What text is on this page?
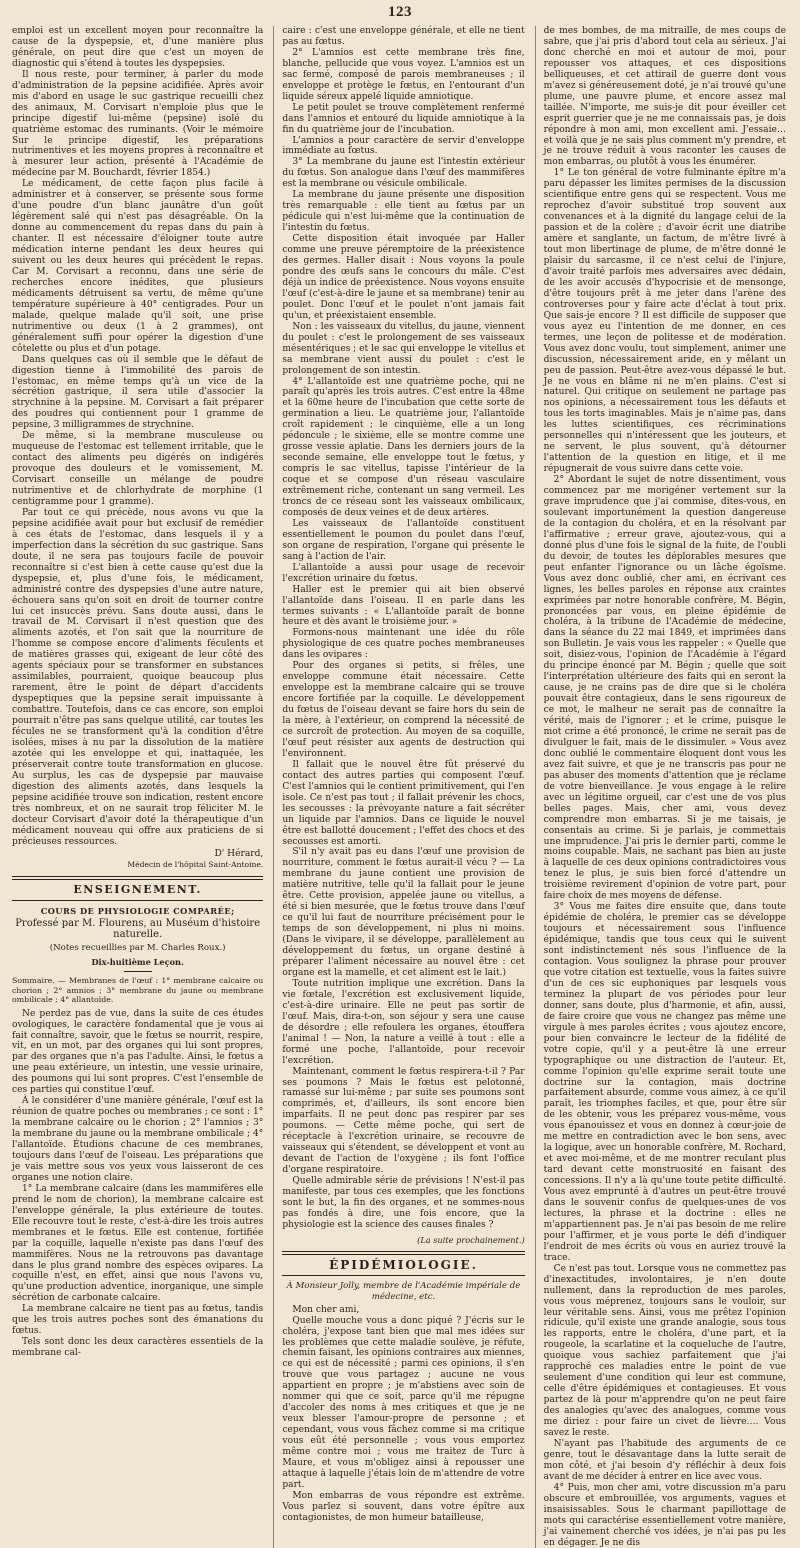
123

emploi est un excellent moyen pour reconnaître la cause de la dyspepsie, et, d'une manière plus générale, on peut dire que c'est un moyen de diagnostic qui s'étend à toutes les dyspepsies.

Il nous reste, pour terminer, à parler du mode d'administration de la pepsine acidifiée. Après avoir mis d'abord en usage le suc gastrique recueilli chez des animaux, M. Corvisart n'emploie plus que le principe digestif lui-même (pepsine) isolé du quatrième estomac des ruminants. (Voir le mémoire Sur le principe digestif, les préparations nutrimentives et les moyens propres à reconnaître et à mesurer leur action, présenté à l'Académie de médecine par M. Bouchardt, février 1854.)

Le médicament, de cette façon plus facile à administrer et à conserver, se présente sous forme d'une poudre d'un blanc jaunâtre d'un goût légèrement salé qui n'est pas désagréable. On la donne au commencement du repas dans du pain à chanter. Il est nécessaire d'éloigner toute autre médication interne pendant les deux heures qui suivent ou les deux heures qui précèdent le repas. Car M. Corvisart a reconnu, dans une série de recherches encore inédites, que plusieurs médicaments détruisent sa vertu, de même qu'une température supérieure à 40° centigrades. Pour un malade, quelque malade qu'il soit, une prise nutrimentive ou deux (1 à 2 grammes), ont généralement suffi pour opérer la digestion d'une côtelette ou plus et d'un potage.

Dans quelques cas où il semble que le défaut de digestion tienne à l'immobilité des parois de l'estomac, en même temps qu'à un vice de la sécrétion gastrique, il sera utile d'associer la strychnine à la pepsine. M. Corvisart a fait préparer des poudres qui contiennent pour 1 gramme de pepsine, 3 milligrammes de strychnine.

De même, si la membrane musculeuse ou muqueuse de l'estomac est tellement irritable, que le contact des aliments peu digérés on indigérés provoque des douleurs et le vomissement, M. Corvisart conseille un mélange de poudre nutrimentive et de chlorhydrate de morphine (1 centigramme pour 1 gramme).

Par tout ce qui précède, nous avons vu que la pepsine acidifiée avait pour but exclusif de remédier à ces états de l'estomac, dans lesquels il y a imperfection dans la sécrétion du suc gastrique. Sans doute, il ne sera pas toujours facile de pouvoir reconnaître si c'est bien à cette cause qu'est due la dyspepsie, et, plus d'une fois, le médicament, administré contre des dyspepsies d'une autre nature, échouera sans qu'on soit en droit de tourner contre lui cet insuccès prévu. Sans doute aussi, dans le travail de M. Corvisart il n'est question que des aliments azotés, et l'on sait que la nourriture de l'homme se compose encore d'aliments féculents et de matières grasses qui, exigeant de leur côté des agents spéciaux pour se transformer en substances assimilables, pourraient, quoique beaucoup plus rarement, être le point de départ d'accidents dyspeptiques que la pepsine serait impuissante à combattre. Toutefois, dans ce cas encore, son emploi pourrait n'être pas sans quelque utilité, car toutes les fécules ne se transforment qu'à la condition d'être isolées, mises à nu par la dissolution de la matière azotée qui les enveloppe et qui, inattaquée, les préserverait contre toute transformation en glucose. Au surplus, les cas de dyspepsie par mauvaise digestion des aliments azotés, dans lesquels la pepsine acidifiée trouve son indication, restent encore très nombreux, et on ne saurait trop féliciter M. le docteur Corvisart d'avoir doté la thérapeutique d'un médicament nouveau qui offre aux praticiens de si précieuses ressources.

D' Hérard,
Médecin de l'hôpital Saint-Antoine.
ENSEIGNEMENT.
COURS DE PHYSIOLOGIE COMPARÉE;
Professé par M. Flourens, au Muséum d'histoire naturelle.
(Notes recueillies par M. Charles Roux.)
Dix-huitième Leçon.
Sommaire. — Membranes de l'œuf : 1° membrane calcaire ou chorion ; 2° amnios ; 3° membrane du jaune ou membrane ombilicale ; 4° allantoïde.

Ne perdez pas de vue, dans la suite de ces études ovologiques, le caractère fondamental que je vous ai fait connaître, savoir, que le fœtus se nourrit, respire, vit, en un mot, par des organes qui lui sont propres, par des organes que n'a pas l'adulte. Ainsi, le fœtus a une peau extérieure, un intestin, une vessie urinaire, des poumons qui lui sont propres. C'est l'ensemble de ces parties qui constitue l'œuf.

À le considérer d'une manière générale, l'œuf est la réunion de quatre poches ou membranes ; ce sont : 1° la membrane calcaire ou le chorion ; 2° l'amnios ; 3° la membrane du jaune ou la membrane ombilicale ; 4° l'allantoïde. Étudions chacune de ces membranes, toujours dans l'œuf de l'oiseau. Les préparations que je vais mettre sous vos yeux vous laisseront de ces organes une notion claire.

1° La membrane calcaire (dans les mammifères elle prend le nom de chorion), la membrane calcaire est l'enveloppe générale, la plus extérieure de toutes. Elle recouvre tout le reste, c'est-à-dire les trois autres membranes et le fœtus. Elle est contenue, fortifiée par la coquille, laquelle n'existe pas dans l'œuf des mammifères. Nous ne la retrouvons pas davantage dans le plus grand nombre des espèces ovipares. La coquille n'est, en effet, ainsi que nous l'avons vu, qu'une production adventice, inorganique, une simple sécrétion de carbonate calcaire.

La membrane calcaire ne tient pas au fœtus, tandis que les trois autres poches sont des émanations du fœtus.

Tels sont donc les deux caractères essentiels de la membrane cal-

caire : c'est une enveloppe générale, et elle ne tient pas au fœtus.

2° L'amnios est cette membrane très fine, blanche, pellucide que vous voyez. L'amnios est un sac fermé, composé de parois membraneuses ; il enveloppe et protège le fœtus, en l'entourant d'un liquide séreux appelé liquide amniotique.

Le petit poulet se trouve complètement renfermé dans l'amnios et entouré du liquide amniotique à la fin du quatrième jour de l'incubation.

L'amnios a pour caractère de servir d'enveloppe immédiate au fœtus.

3° La membrane du jaune est l'intestin extérieur du fœtus. Son analogue dans l'œuf des mammifères est la membrane ou vésicule ombilicale.

La membrane du jaune présente une disposition très remarquable : elle tient au fœtus par un pédicule qui n'est lui-même que la continuation de l'intestin du fœtus.

Cette disposition était invoquée par Haller comme une preuve péremptoire de la préexistence des germes. Haller disait : Nous voyons la poule pondre des œufs sans le concours du mâle. C'est déjà un indice de préexistence. Nous voyons ensuite l'œuf (c'est-à-dire le jaune et sa membrane) tenir au poulet. Donc l'œuf et le poulet n'ont jamais fait qu'un, et préexistaient ensemble.

Non : les vaisseaux du vitellus, du jaune, viennent du poulet : c'est le prolongement de ses vaisseaux mésentériques ; et le sac qui enveloppe le vitellus et sa membrane vient aussi du poulet : c'est le prolongement de son intestin.

4° L'allantoïde est une quatrième poche, qui ne paraît qu'après les trois autres. C'est entre la 48me et la 60me heure de l'incubation que cette sorte de germination a lieu. Le quatrième jour, l'allantoïde croît rapidement ; le cinquième, elle a un long pédoncule ; le sixième, elle se montre comme une grosse vessie aplatie. Dans les derniers jours de la seconde semaine, elle enveloppe tout le fœtus, y compris le sac vitellus, tapisse l'intérieur de la coque et se compose d'un réseau vasculaire extrêmement riche, contenant un sang vermeil. Les troncs de ce réseau sont les vaisseaux ombilicaux, composés de deux veines et de deux artères.

Les vaisseaux de l'allantoïde constituent essentiellement le poumon du poulet dans l'œuf, son organe de respiration, l'organe qui présente le sang à l'action de l'air.

L'allantoïde a aussi pour usage de recevoir l'excrétion urinaire du fœtus.

Haller est le premier qui ait bien observé l'allantoïde dans l'oiseau. Il en parle dans les termes suivants : « L'allantoïde paraît de bonne heure et dès avant le troisième jour. »

Formons-nous maintenant une idée du rôle physiologique de ces quatre poches membraneuses dans les ovipares :

Pour des organes si petits, si frêles, une enveloppe commune était nécessaire. Cette enveloppe est la membrane calcaire qui se trouve encore fortifiée par la coquille. Le développement du fœtus de l'oiseau devant se faire hors du sein de la mère, à l'extérieur, on comprend la nécessité de ce surcroît de protection. Au moyen de sa coquille, l'œuf peut résister aux agents de destruction qui l'environnent.

Il fallait que le nouvel être fût préservé du contact des autres parties qui composent l'œuf. C'est l'amnios qui le contient primitivement, qui l'en isole. Ce n'est pas tout ; il fallait prévenir les chocs, les secousses : la prévoyante nature a fait sécréter un liquide par l'amnios. Dans ce liquide le nouvel être est ballotté doucement ; l'effet des chocs et des secousses est amorti.

S'il n'y avait pas eu dans l'œuf une provision de nourriture, comment le fœtus aurait-il vécu ? — La membrane du jaune contient une provision de matière nutritive, telle qu'il la fallait pour le jeune être. Cette provision, appelée jaune ou vitellus, a été si bien mesurée, que le fœtus trouve dans l'œuf ce qu'il lui faut de nourriture précisément pour le temps de son développement, ni plus ni moins. (Dans le vivipare, il se développe, parallèlement au développement du fœtus, un organe destiné à préparer l'aliment nécessaire au nouvel être : cet organe est la mamelle, et cet aliment est le lait.)

Toute nutrition implique une excrétion. Dans la vie fœtale, l'excrétion est exclusivement liquide, c'est-à-dire urinaire. Elle ne peut pas sortir de l'œuf. Mais, dira-t-on, son séjour y sera une cause de désordre ; elle refoulera les organes, étouffera l'animal ! — Non, la nature a veillé à tout : elle a formé une poche, l'allantoïde, pour recevoir l'excrétion.

Maintenant, comment le fœtus respirera-t-il ? Par ses poumons ? Mais le fœtus est pelotonné, ramassé sur lui-même ; par suite ses poumons sont comprimés, et, d'ailleurs, ils sont encore bien imparfaits. Il ne peut donc pas respirer par ses poumons. — Cette même poche, qui sert de réceptacle à l'excrétion urinaire, se recouvre de vaisseaux qui s'étendent, se développent et vont au devant de l'action de l'oxygène ; ils font l'office d'organe respiratoire.

Quelle admirable série de prévisions ! N'est-il pas manifeste, par tous ces exemples, que les fonctions sont le but, la fin des organes, et ne sommes-nous pas fondés à dire, une fois encore, que la physiologie est la science des causes finales ?

(La suite prochainement.)
ÉPIDÉMIOLOGIE.
À Monsieur Jolly, membre de l'Académie impériale de médecine, etc.

Mon cher ami,

Quelle mouche vous a donc piqué ? J'écris sur le choléra, j'expose tant bien que mal mes idées sur les problèmes que cette maladie soulève, je réfute, chemin faisant, les opinions contraires aux miennes, ce qui est de nécessité ; parmi ces opinions, il s'en trouve que vous partagez ; aucune ne vous appartient en propre ; je m'abstiens avec soin de nommer qui que ce soit, parce qu'il me répugne d'accoler des noms à mes critiques et que je ne veux blesser l'amour-propre de personne ; et cependant, vous vous fâchez comme si ma critique vous eût été personnelle ; vous vous emportez même contre moi ; vous me traitez de Turc à Maure, et vous m'obligez ainsi à repousser une attaque à laquelle j'étais loin de m'attendre de votre part.

Mon embarras de vous répondre est extrême. Vous parlez si souvent, dans votre épître aux contagionistes, de mon humeur batailleuse,

de mes bombes, de ma mitraille, de mes coups de sabre, que j'ai pris d'abord tout cela au sérieux. J'ai donc cherché en moi et autour de moi, pour repousser vos attaques, et ces dispositions belliqueuses, et cet attirail de guerre dont vous m'avez si généreusement doté, je n'ai trouvé qu'une plume, une pauvre plume, et encore assez mal taillée. N'importe, me suis-je dit pour éveiller cet esprit guerrier que je ne me connaissais pas, je dois répondre à mon ami, mon excellent ami. J'essaie… et voilà que je ne sais plus comment m'y prendre, et je ne trouve réduit à vous raconter les causes de mon embarras, ou plutôt à vous les énumérer.

1° Le ton général de votre fulminante épître m'a paru dépasser les limites permises de la discussion scientifique entre gens qui se respectent. Vous me reprochez d'avoir substitué trop souvent aux convenances et à la dignité du langage celui de la passion et de la colère ; d'avoir écrit une diatribe amère et sanglante, un factum, de m'être livré à tout mon libertinage de plume, de m'être donné le plaisir du sarcasme, il ce n'est celui de l'injure, d'avoir traité parfois mes adversaires avec dédain, de les avoir accusés d'hypocrisie et de mensonge, d'être toujours prêt à me jeter dans l'arène des controverses pour y faire acte d'éclat à tout prix. Que sais-je encore ? Il est difficile de supposer que vous ayez eu l'intention de me donner, en ces termes, une leçon de politesse et de modération. Vous avez donc voulu, tout simplement, animer une discussion, nécessairement aride, en y mêlant un peu de passion. Peut-être avez-vous dépassé le but. Je ne vous en blâme ni ne m'en plains. C'est si naturel. Qui critique on seulement ne partage pas nos opinions, a nécessairement tous les défauts et tous les torts imaginables. Mais je n'aime pas, dans les luttes scientifiques, ces récriminations personnelles qui n'intéressent que les jouteurs, et ne servent, le plus souvent, qu'à détourner l'attention de la question en litige, et il me répugnerait de vous suivre dans cette voie.

2° Abordant le sujet de notre dissentiment, vous commencez par me morigéner vertement sur la grave imprudence que j'ai commise, dites-vous, en soulevant importunément la question dangereuse de la contagion du choléra, et en la résolvant par l'affirmative ; erreur grave, ajoutez-vous, qui a donné plus d'une fois le signal de la fuite, de l'oubli du devoir, de toutes les déplorables mesures que peut enfanter l'ignorance ou un lâche égoïsme. Vous avez donc oublié, cher ami, en écrivant ces lignes, les belles paroles en réponse aux craintes exprimées par notre honorable confrère, M. Bégin, prononcées par vous, en pleine épidémie de choléra, à la tribune de l'Académie de médecine, dans la séance du 22 mai 1849, et imprimées dans son Bulletin. Je vais vous les rappeler : « Quelle que soit, disiez-vous, l'opinion de l'Académie à l'égard du principe énoncé par M. Bégin ; quelle que soit l'interprétation ultérieure des faits qui en seront la cause, je ne crains pas de dire que si le choléra pouvait être contagieux, dans le sens rigoureux de ce mot, le malheur ne serait pas de connaître la vérité, mais de l'ignorer ; et le crime, puisque le mot crime a été prononcé, le crime ne serait pas de divulguer le fait, mais de le dissimuler. » Vous avez donc oublié le commentaire éloquent dont vous les avez fait suivre, et que je ne transcris pas pour ne pas abuser des moments d'attention que je réclame de votre bienveillance. Je vous engage à le relire avec un légitime orgueil, car c'est une de vos plus belles pages. Mais, cher ami, vous devez comprendre mon embarras. Si je me taisais, je consentais au crime. Si je parlais, je commettais une imprudence. J'ai pris le dernier parti, comme le moins coupable. Mais, ne sachant pas bien au juste à laquelle de ces deux opinions contradictoires vous tenez le plus, je suis bien forcé d'attendre un troisième revirement d'opinion de votre part, pour faire choix de mes moyens de défense.

3° Vous me faites dire ensuite que, dans toute épidémie de choléra, le premier cas se développe toujours et nécessairement sous l'influence épidémique, tandis que tous ceux qui le suivent sont indistinctement nés sous l'influence de la contagion. Vous soulignez la phrase pour prouver que votre citation est textuelle, vous la faites suivre d'un de ces sic euphoniques par lesquels vous terminez la plupart de vos périodes pour leur donner, sans doute, plus d'harmonie, et afin, aussi, de faire croire que vous ne changez pas même une virgule à mes paroles écrites ; vous ajoutez encore, pour bien convaincre le lecteur de la fidélité de votre copie, qu'il y a peut-être là une erreur typographique ou une distraction de l'auteur. Et, comme l'opinion qu'elle exprime serait toute une doctrine sur la contagion, mais doctrine parfaitement absurde, comme vous aimez, à ce qu'il paraît, les triomphes faciles, et que, pour être sûr de les obtenir, vous les préparez vous-même, vous vous épanouissez et vous en donnez à cœur-joie de me mettre en contradiction avec le bon sens, avec la logique, avec un honorable confrère, M. Rochard, et avec moi-même, et de me montrer reculant plus tard devant cette monstruosité en faisant des concessions. Il n'y a là qu'une toute petite difficulté. Vous avez emprunté à d'autres un peut-être trouvé dans le souvenir confus de quelques-unes de vos lectures, la phrase et la doctrine : elles ne m'appartiennent pas. Je n'ai pas besoin de me relire pour l'affirmer, et je vous porte le défi d'indiquer l'endroit de mes écrits où vous en auriez trouvé la trace.

Ce n'est pas tout. Lorsque vous ne commettez pas d'inexactitudes, involontaires, je n'en doute nullement, dans la reproduction de mes paroles, vous vous méprenez, toujours sans le vouloir, sur leur véritable sens. Ainsi, vous me prêtez l'opinion ridicule, qu'il existe une grande analogie, sous tous les rapports, entre le choléra, d'une part, et la rougeole, la scarlatine et la coqueluche de l'autre, quoique vous sachiez parfaitement que j'ai rapproché ces maladies entre le point de vue seulement d'une condition qui leur est commune, celle d'être épidémiques et contagieuses. Et vous partez de là pour m'apprendre qu'on ne peut faire des analogies qu'avec des analogues, comme vous me diriez : pour faire un civet de lièvre…. Vous savez le reste.

N'ayant pas l'habitude des arguments de ce genre, tout le désavantage dans la lutte serait de mon côté, et j'ai besoin d'y réfléchir à deux fois avant de me décider à entrer en lice avec vous.

4° Puis, mon cher ami, votre discussion m'a paru obscure et embrouillée, vos arguments, vagues et insaisissables. Sous le charmant papillottage de mots qui caractérise essentiellement votre manière, j'ai vainement cherché vos idées, je n'ai pas pu les en dégager. Je ne dis
